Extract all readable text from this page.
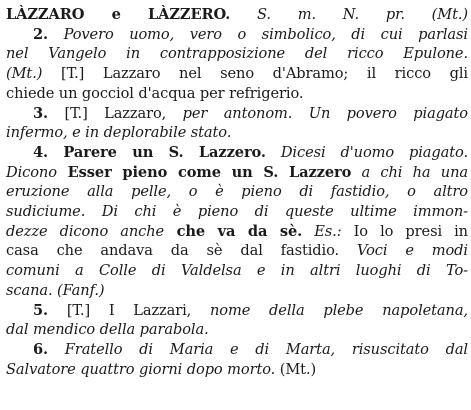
LÀZZARO e LÀZZERO. S. m. N. pr. (Mt.)
2. Povero uomo, vero o simbolico, di cui parlasi
nel Vangelo in contrapposizione del ricco Epulone.
(Mt.) [T.] Lazzaro nel seno d'Abramo; il ricco gli
chiede un gocciol d'acqua per refrigerio.
3. [T.] Lazzaro, per antonom. Un povero piagato
infermo, e in deplorabile stato.
4. Parere un S. Lazzero. Dicesi d'uomo piagato.
Dicono Esser pieno come un S. Lazzero a chi ha una
eruzione alla pelle, o è pieno di fastidio, o altro
sudiciume. Di chi è pieno di queste ultime immon-
dezze dicono anche che va da sè. Es.: Io lo presi in
casa che andava da sè dal fastidio. Voci e modi
comuni a Colle di Valdelsa e in altri luoghi di To-
scana. (Fanf.)
5. [T.] I Lazzari, nome della plebe napoletana,
dal mendico della parabola.
6. Fratello di Maria e di Marta, risuscitato dal
Salvatore quattro giorni dopo morto. (Mt.)
